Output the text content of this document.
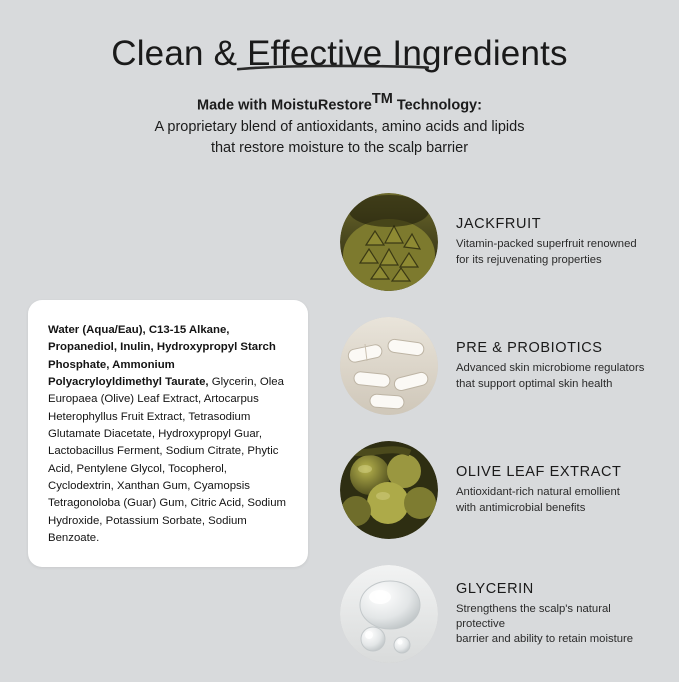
Clean & Effective Ingredients
Made with MoistuRestore™ Technology:
A proprietary blend of antioxidants, amino acids and lipids
that restore moisture to the scalp barrier

Water (Aqua/Eau), C13-15 Alkane, Propanediol, Inulin, Hydroxypropyl Starch Phosphate, Ammonium Polyacryloyldimethyl Taurate, Glycerin, Olea Europaea (Olive) Leaf Extract, Artocarpus Heterophyllus Fruit Extract, Tetrasodium Glutamate Diacetate, Hydroxypropyl Guar, Lactobacillus Ferment, Sodium Citrate, Phytic Acid, Pentylene Glycol, Tocopherol, Cyclodextrin, Xanthan Gum, Cyamopsis Tetragonoloba (Guar) Gum, Citric Acid, Sodium Hydroxide, Potassium Sorbate, Sodium Benzoate.

JACKFRUIT

Vitamin-packed superfruit renowned

for its rejuvenating properties

PRE & PROBIOTICS

Advanced skin microbiome regulators

that support optimal skin health

OLIVE LEAF EXTRACT

Antioxidant-rich natural emollient

with antimicrobial benefits

GLYCERIN

Strengthens the scalp's natural protective

barrier and ability to retain moisture
